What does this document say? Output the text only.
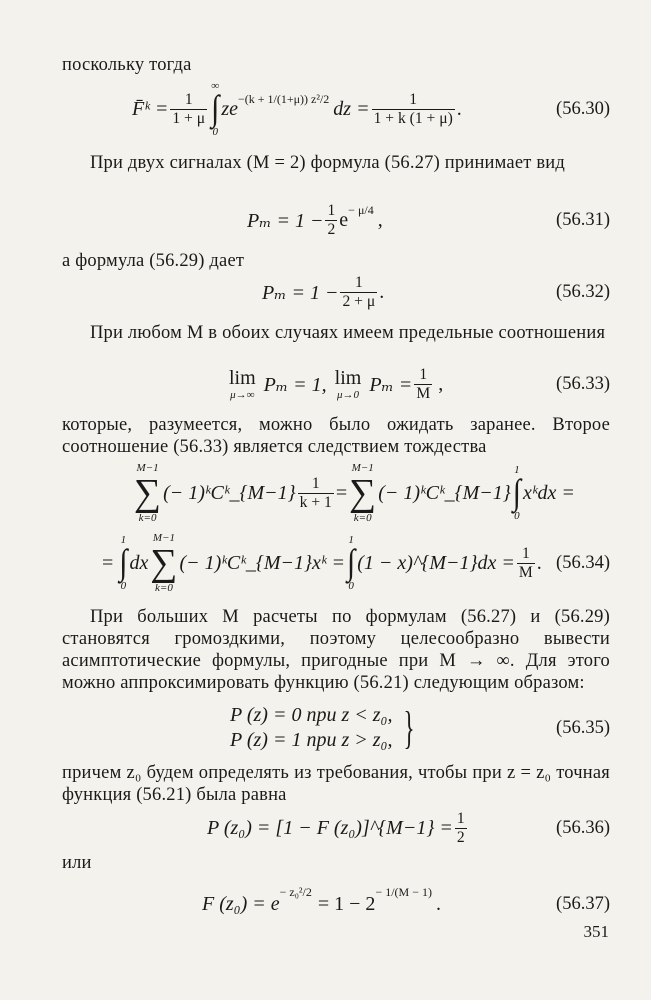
поскольку тогда
F̄ᵏ = $\frac{1}{1 + \mu}$
∞
∫
0
$ze^{-(k + 1/(1+\mu)) z^2/2}$ dz = $\frac{1}{1 + k (1 + \mu)}$ .	(56.30)
При двух сигналах (M = 2) формула (56.27) принимает вид
$P_m = 1 - \frac{1}{2} e^{- \mu/4}$ ,	(56.31)
а формула (56.29) дает
$P_m = 1 - \frac{1}{2 + \mu}$ .	(56.32)
При любом M в обоих случаях имеем предельные соотношения
lim
μ→∞ Pₘ = 1, lim
μ→0 $P_m = \frac{1}{M}$ ,	(56.33)
которые, разумеется, можно было ожидать заранее. Второе соотношение (56.33) является следствием тождества
M−1
∑
k=0
(− 1)ᵏCᵏ_{M−1} $\frac{1}{k + 1}$ =
M−1
∑
k=0
(− 1)ᵏCᵏ_{M−1}
1
∫
0
xᵏdx =
=
1
∫
0
dx
M−1
∑
k=0
(− 1)ᵏCᵏ_{M−1}xᵏ =
1
∫
0
(1 − x)^{M−1}dx = $\frac{1}{M}$ . (56.34)
При больших M расчеты по формулам (56.27) и (56.29) становятся громоздкими, поэтому целесообразно вывести асимптотические формулы, пригодные при M → ∞. Для этого можно аппроксимировать функцию (56.21) следующим образом:
P (z) = 0 при z < z₀,
P (z) = 1 при z > z₀, }	(56.35)
причем z₀ будем определять из требования, чтобы при z = z₀ точная функция (56.21) была равна
P (z₀) = [1 − F (z₀)]^{M−1} = $\frac{1}{2}$	(56.36)
или
F (z₀) = e
$^{- z_0^2/2}$
= 1 − 2
$^{- 1/(M - 1)}$
.	(56.37)
351
